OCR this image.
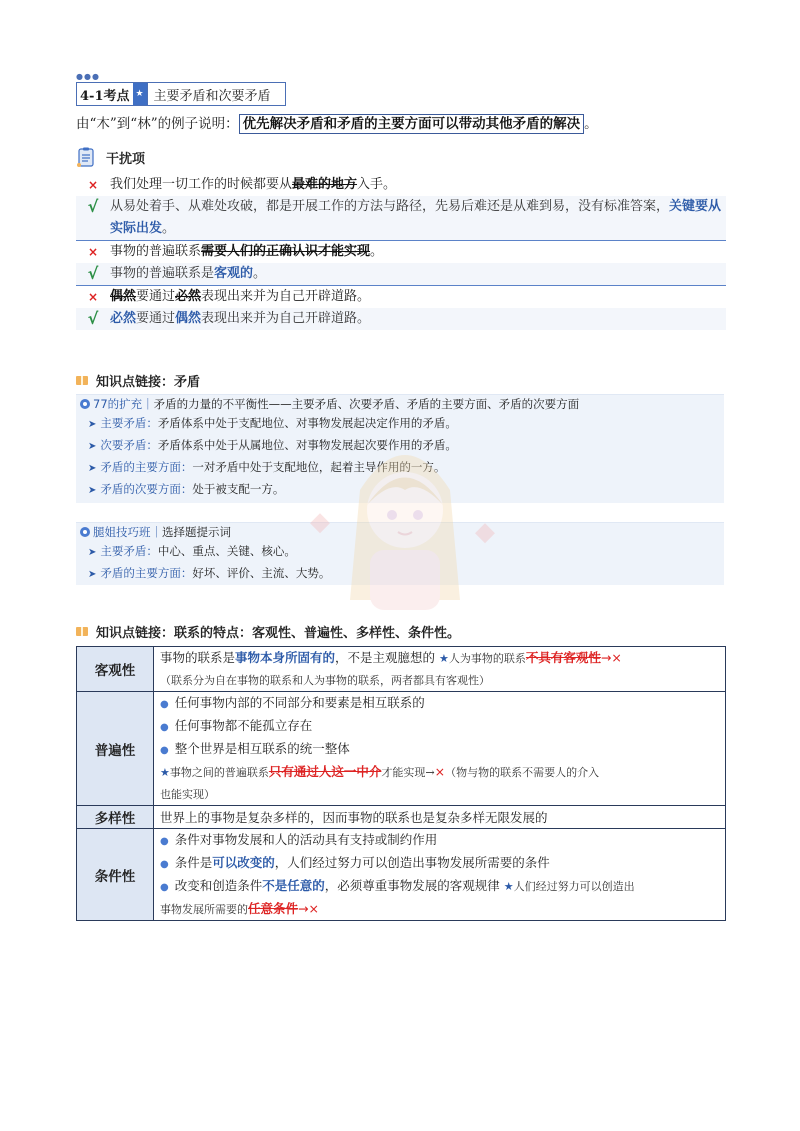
●●●
4-1考点 ★ 主要矛盾和次要矛盾
由“木”到“林”的例子说明： 优先解决矛盾和矛盾的主要方面可以带动其他矛盾的解决 。
干扰项
× 我们处理一切工作的时候都要从最难的地方入手。
√ 从易处着手、从难处攻破，都是开展工作的方法与路径，先易后难还是从难到易，没有标准答案，关键要从实际出发。
× 事物的普遍联系需要人们的正确认识才能实现。
√ 事物的普遍联系是客观的。
× 偶然要通过必然表现出来并为自己开辟道路。
√ 必然要通过偶然表现出来并为自己开辟道路。
知识点链接：矛盾
77的扩充｜矛盾的力量的不平衡性——主要矛盾、次要矛盾、矛盾的主要方面、矛盾的次要方面
➤ 主要矛盾：矛盾体系中处于支配地位、对事物发展起决定作用的矛盾。
➤ 次要矛盾：矛盾体系中处于从属地位、对事物发展起次要作用的矛盾。
➤ 矛盾的主要方面：一对矛盾中处于支配地位，起着主导作用的一方。
➤ 矛盾的次要方面：处于被支配一方。
腿姐技巧班｜选择题提示词
➤ 主要矛盾：中心、重点、关键、核心。
➤ 矛盾的主要方面：好坏、评价、主流、大势。
知识点链接：联系的特点：客观性、普遍性、多样性、条件性。
客观性	事物的联系是事物本身所固有的，不是主观臆想的 ★人为事物的联系不具有客观性→×
（联系分为自在事物的联系和人为事物的联系，两者都具有客观性）

普遍性	● 任何事物内部的不同部分和要素是相互联系的
● 任何事物都不能孤立存在
● 整个世界是相互联系的统一整体
★事物之间的普遍联系只有通过人这一中介才能实现→×（物与物的联系不需要人的介入
也能实现）

多样性	世界上的事物是复杂多样的，因而事物的联系也是复杂多样无限发展的

条件性	● 条件对事物发展和人的活动具有支持或制约作用
● 条件是可以改变的，人们经过努力可以创造出事物发展所需要的条件
● 改变和创造条件不是任意的，必须尊重事物发展的客观规律 ★人们经过努力可以创造出
事物发展所需要的任意条件→×
◆	◆
